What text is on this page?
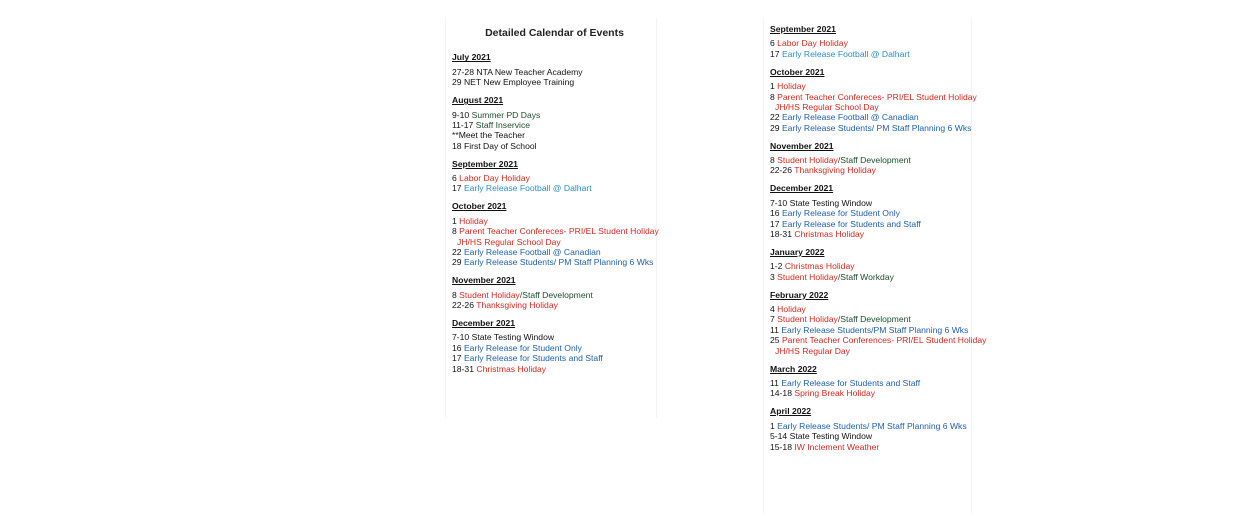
Detailed Calendar of Events
July 2021
27-28 NTA New Teacher Academy
29 NET New Employee Training
August 2021
9-10 Summer PD Days
11-17 Staff Inservice
**Meet the Teacher
18 First Day of School
September 2021
6 Labor Day Holiday
17 Early Release Football @ Dalhart
October 2021
1 Holiday
8 Parent Teacher Confereces- PRI/EL Student Holiday
JH/HS Regular School Day
22 Early Release Football @ Canadian
29 Early Release Students/ PM Staff Planning 6 Wks
November 2021
8 Student Holiday/Staff Development
22-26 Thanksgiving Holiday
December 2021
7-10 State Testing Window
16 Early Release for Student Only
17 Early Release for Students and Staff
18-31 Christmas Holiday
September 2021
6 Labor Day Holiday
17 Early Release Football @ Dalhart
October 2021
1 Holiday
8 Parent Teacher Confereces- PRI/EL Student Holiday
JH/HS Regular School Day
22 Early Release Football @ Canadian
29 Early Release Students/ PM Staff Planning 6 Wks
November 2021
8 Student Holiday/Staff Development
22-26 Thanksgiving Holiday
December 2021
7-10 State Testing Window
16 Early Release for Student Only
17 Early Release for Students and Staff
18-31 Christmas Holiday
January 2022
1-2 Christmas Holiday
3 Student Holiday/Staff Workday
February 2022
4 Holiday
7 Student Holiday/Staff Development
11 Early Release Students/PM Staff Planning 6 Wks
25 Parent Teacher Conferences- PRI/EL Student Holiday
JH/HS Regular Day
March 2022
11 Early Release for Students and Staff
14-18 Spring Break Holiday
April 2022
1 Early Release Students/ PM Staff Planning 6 Wks
5-14 State Testing Window
15-18 IW Inclement Weather
